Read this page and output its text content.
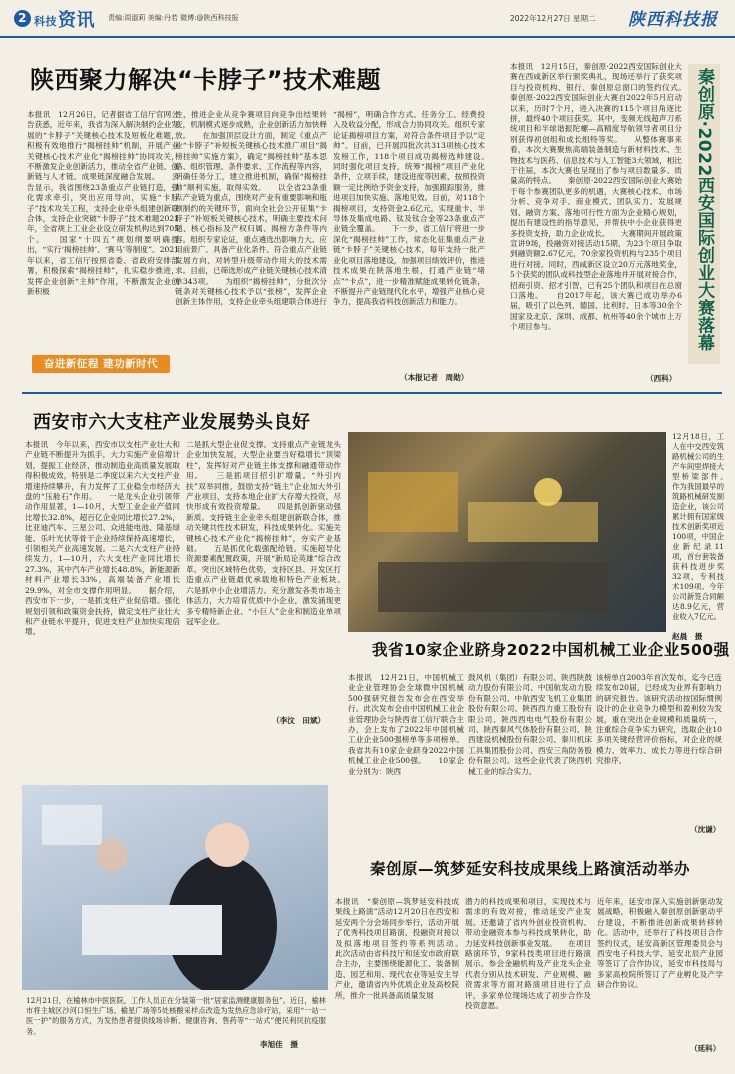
2 科技 资讯 责编:周淑莉 美编:丹若 微博:@陕西科技报	2022年12月27日 星期二 陕西科技报
陕西聚力解决“卡脖子”技术难题
本报讯　12月26日，记者据省工信厅官网公告获悉，近年来，我省为深入解决制约企业发展的“卡脖子”关键核心技术及短板化难题，积极有效地推行“揭榜挂帅”机制，开展产业关键核心技术产业化“揭榜挂帅”协同攻关，不断激发企业创新活力，推动全省产业链、创新链与人才链、成果链深度融合发展。　　公告显示，我省围绕23条重点产业链打造，强化需求牵引，突出应用导向，实施“卡脖子”技术攻关工程，支持企业牵头组建创新联合体，支持企业突破“卡脖子”技术难题2021年，全省规上工业企业设立研发机构达到705个。　　国家“十四五”规划纲要明确提出，“实行‘揭榜挂帅’、‘赛马’等制度”。2021年以来，省工信厅按照省委、省政府安排部署，积极探索“揭榜挂帅”，扎实稳步推进，发挥企业创新“主帅”作用，不断激发企业创新积极
性，推进企业从竞争赛项目向竞争出结果转变，机制模式逐步成熟，企业创新活力加快释放。　　在加强顶层设计方面，制定《重点产业“卡脖子”补短板关键核心技术推广项目“揭榜挂帅”实施方案》，确定“揭榜挂帅”基本思路、组织管理、条件要求、工作流程等内容，明确任务分工，建立推进机制，确保“揭榜挂帅”顺利实施，取得实效。　　以全省23条重点产业链为重点，围绕对产业有重要影响和瓶颈制约的关键环节，面向全社会公开征集“卡脖子”补短板关键核心技术，明确主要技术问题、核心指标及产权归属、揭榜方条件等内容。组织专家论证，重点遴选出影响力大、应用前景广、具备产业化条件、符合重点产业链发展方向、对转型升级带动作用大的技术需求。目前，已筛选形成产业链关键核心技术清单343项。　　为组织“揭榜挂帅”，分批次分链条对关键核心技术予以“张榜”，发挥企业创新主体作用，支持企业牵头组建联合体进行
“揭榜”，明确合作方式、任务分工、经费投入及收益分配，形成合力协同攻关。组织专家论证揭榜项目方案，对符合条件项目予以“定帅”。目前，已开展四批次共313项核心技术发榜工作，118个项目成功揭榜选帅建设。　　同时强化项目支持，统筹“揭榜”项目产业化条件，立项手续，建设进度等因素，按照投资额一定比例给予资金支持，加强跟踪服务，推进项目加快实施、落地见效。目前，对118个揭榜项目，支持资金2.6亿元，实现重卡、半导体及集成电路、钛及钛合金等23条重点产业链全覆盖。　　下一步，省工信厅将进一步深化“揭榜挂帅”工作，常态化征集重点产业链“卡脖子”关键核心技术，每年支持一批产业化项目落地建设，加强项目绩效评价，推进技术成果在陕落地生根，打通产业链“堵点”“卡点”，进一步精准赋能成果转化链条，不断提升产业链现代化水平，增强产业核心竞争力，提高我省科技创新活力和能力。
（本报记者　周勋）
奋进新征程 建功新时代
本报讯　12月15日，秦创原·2022西安国际创业大赛在西咸新区举行颁奖典礼，现场还举行了获奖项目与投资机构、银行、秦创原总窗口的签约仪式。　　秦创原·2022西安国际创业大赛自2022年5月启动以来，历时7个月，进入决赛的115个项目角逐比拼，最终40个项目获奖。其中，变频无线超声刀系统项目和半球谐振陀螺—高精度导航领导者项目分别获得初创组和成长组特等奖。　　从整体赛事来看，本次大赛聚焦高端装备制造与新材料技术、生物技术与医药、信息技术与人工智能3大领域，相比于往届，本次大赛也呈现出了参与项目数量多、质量高的特点。　　秦创原·2022西安国际创业大赛始于每个参赛团队更多的机遇，大赛核心技术、市场分析、竞争对手、商业模式、团队实力、发展规划、融资方案、落地可行性方面为企业精心规划，提出有建设性的指导意见，并帮扶中小企业获得更多投资支持，助力企业成长。　　大赛期间开展政策宣讲9场，投融资对接活动15期，为23个项目争取到融资额2.67亿元，70余家投资机构与235个项目进行对接。同时，西咸新区设立20万元落地奖金，5个获奖的团队或科技型企业落地并开展对接合作，招商引资、招才引智，已有25个团队和项目在总窗口落地。　　自2017年起，该大赛已成功举办6届，吸引了以色列、德国、比利时、日本等30余个国家及北京、深圳、成都、杭州等40余个城市上万个项目参与。
（西科）
秦创原·2022西安国际创业大赛落幕
西安市六大支柱产业发展势头良好
本报讯　今年以来，西安市以支柱产业壮大和产业链不断提升为抓手，大力实施产业倍增计划，提振工业经济，推动制造业高质量发展取得积极成效，特别是二季度以来六大支柱产业增速持续攀升，有力发挥了工业稳全市经济大盘的“压舱石”作用。　　一是龙头企业引领带动作用显著，1—10月，大型工业企业产值同比增长32.8%，超百亿企业同比增长27.2%，比亚迪汽车、三星公司、众进能电池、隆基绿能、乐叶光伏等骨干企业持续保持高速增长，引领相关产业高速发展。二是六大支柱产业持续发力，1—10月，六大支柱产业同比增长27.3%，其中汽车产业增长48.8%，新能源新材料产业增长33%，高端装备产业增长29.9%，对全市支撑作用明显。　　据介绍，西安市下一步，一是抓支柱产业促倍增。强化规划引领和政策资金扶持，做定支柱产业壮大和产业链水平提升，促进支柱产业加快实现倍增。
二是抓大型企业促支撑。支持重点产业链龙头企业加快发展，大型企业要当好稳增长“顶梁柱”，发挥好对产业链主体支撑和融通带动作用。　　三是抓项目招引扩增量。“外引内扶”双举同推，鼓励支持“链主”企业加大外引产业项目，支持本地企业扩大存增大投资，尽快形成有效投资增量。　　四是抓创新驱动强新质。支持链主企业牵头组建创新联合体，推动关键共性技术研发，科技成果转化。实施关键核心技术产业化“揭榜挂帅”，夯实产业基础。　　五是抓优化载强配给链。实施超导化资源要素配置政策，开展“新局论英雄”综合改革。突出区域特色优势，支持区县、开发区打造重点产业链最优承载地和特色产业板块。　　六是抓中小企业增活力。充分激发各类市场主体活力，大力培育优质中小企业，激发涌现更多专精特新企业、“小巨人”企业和制造业单项冠军企业。
（李汶　田斌）
12月18日，工人在中交西安筑路机械公司的生产车间里焊接大型桥梁部件。　作为我国最早的筑路机械研发制造企业，该公司累计拥有国家级技术创新奖项近100项，中国企业新纪录11项，首台套装备获科技进步奖32项，专利技术109项。今年公司新签合同额达8.9亿元，营业收入7亿元。
赵晨　摄
我省10家企业跻身2022中国机械工业企业500强
本报讯　12月21日，中国机械工业企业管理协会全球微中国机械500强研究报告发布会在西安举行。此次发布会由中国机械工业企业管理协会与陕西省工信厅联合主办，会上发布了2022年中国机械工业企业500强榜单等多项榜单。我省共有10家企业跻身2022中国机械工业企业500强。　　10家企业分别为：陕西
鼓风机（集团）有限公司、陕西陕鼓动力股份有限公司、中国航发动力股份有限公司、中航西安飞机工业集团股份有限公司、陕西西力重工股份有限公司、陕西西电电气股份有限公司、陕西秦风气体股份有限公司、陕西建设机械股份有限公司、秦川机床工具集团股份公司、西安三角防务股份有限公司。这些企业代表了陕西机械工业的综合实力。
该榜单自2003年首次发布，迄今已连续发布20届，已经成为业界有影响力的研究报告。该研究活动按国际惯例设计的企业竞争力模型和盈利较为发展，重在突出企业规模和质量统一，注重综合竞争实力研究，选取企业10多项关键经营评价指标，对企业的规模力、效率力、成长力等进行综合研究排序。
（沈谦）
12月21日，在榆林市中医医院，工作人员正在分装第一批“居家监测健康服务包”。近日，榆林市将主城区沙河口恒生广场、榆星广场等5处核酸采样点改造为发热应急诊疗站，采用“一站一医一护”的服务方式，为发热患者提供线场诊断、健康咨询、售药等“一站式”便民利民抗疫服务。
李旭佳　摄
秦创原—筑梦延安科技成果线上路演活动举办
本报讯　“秦创原—筑梦延安科技成果线上路演”活动12月20日在西安和延安两个分会场同步举行，活动开展了优秀科技项目路演、投融资对接以及拟落地项目签约等系列活动。　　此次活动由省科技厅和延安市政府联合主办，主要围绕能源化工、装备制造、园艺和用、现代农业等延安主导产业，邀请省内外优质企业及高校院所，推介一批具备高质量发展
潜力的科技成果和项目，实现技术与需求的有效对接，推动延安产业发展。还邀请了省内外创业投资机构、带动金融资本参与科技成果转化，助力延安科技创新事业发展。　　在项目路演环节，9家科技类项目进行路演展示。参会金融机构及产业龙头企业代表分别从技术研发、产业规模、融资需求等方面对路演项目进行了点评，多家单位现场达成了初步合作及投资意愿。
近年来，延安市深入实施创新驱动发展战略，积极融入秦创原创新驱动平台建设，不断推进创新成果转移转化。活动中，还举行了科技项目合作签约仪式，延安高新区管理委员会与西安电子科技大学、延安北辰产业园等签订了合作协议，延安市科技局与多家高校院所签订了产业孵化及产学研合作协议。
（延科）
